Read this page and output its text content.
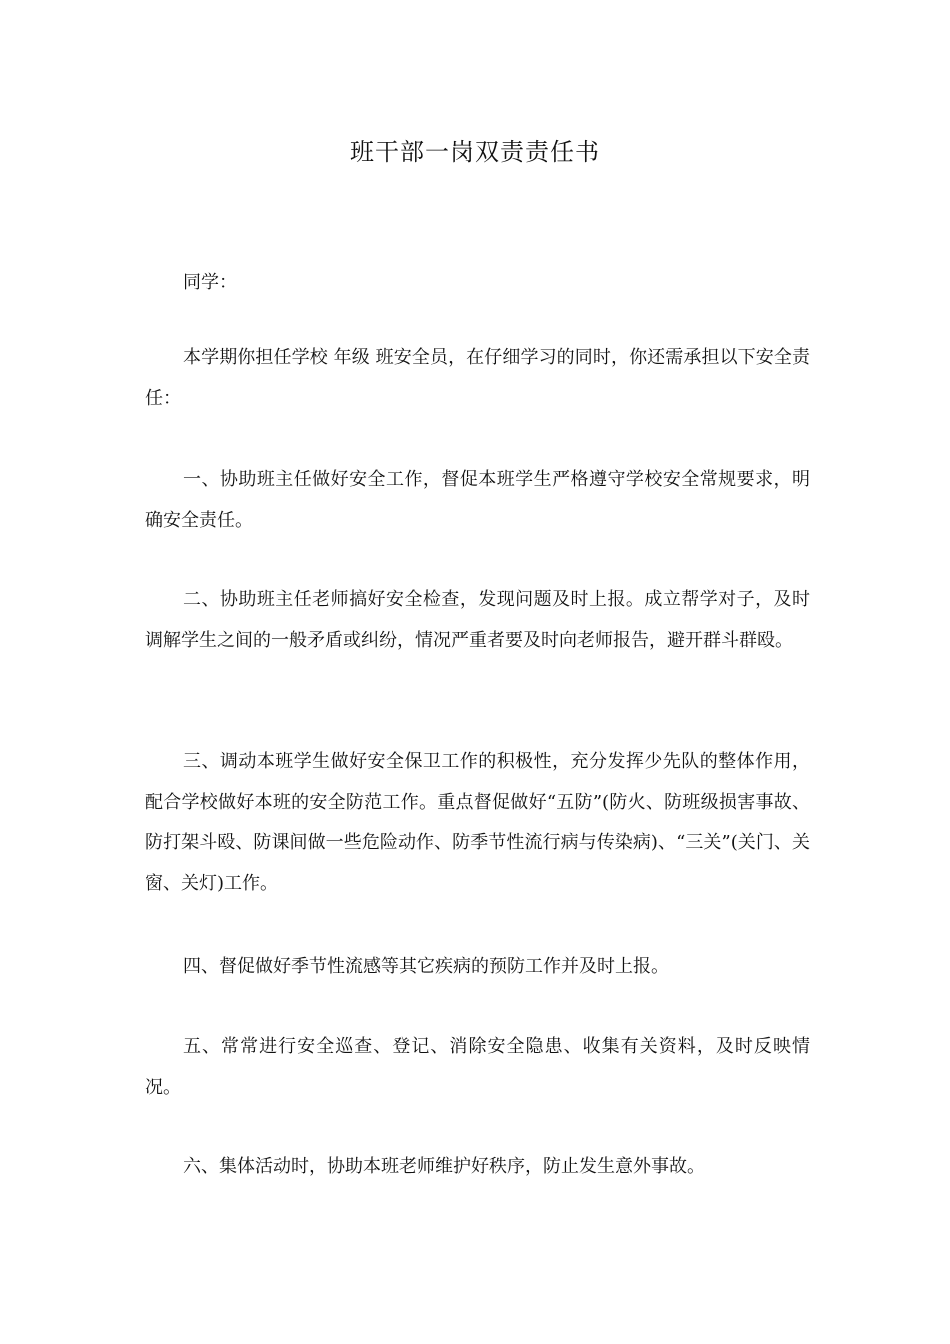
班干部一岗双责责任书

同学：

本学期你担任学校 年级 班安全员，在仔细学习的同时，你还需承担以下安全责任：

一、协助班主任做好安全工作，督促本班学生严格遵守学校安全常规要求，明确安全责任。

二、协助班主任老师搞好安全检查，发现问题及时上报。成立帮学对子，及时调解学生之间的一般矛盾或纠纷，情况严重者要及时向老师报告，避开群斗群殴。

三、调动本班学生做好安全保卫工作的积极性，充分发挥少先队的整体作用，配合学校做好本班的安全防范工作。重点督促做好“五防”(防火、防班级损害事故、防打架斗殴、防课间做一些危险动作、防季节性流行病与传染病)、“三关”(关门、关窗、关灯)工作。

四、督促做好季节性流感等其它疾病的预防工作并及时上报。

五、常常进行安全巡查、登记、消除安全隐患、收集有关资料，及时反映情况。

六、集体活动时，协助本班老师维护好秩序，防止发生意外事故。
